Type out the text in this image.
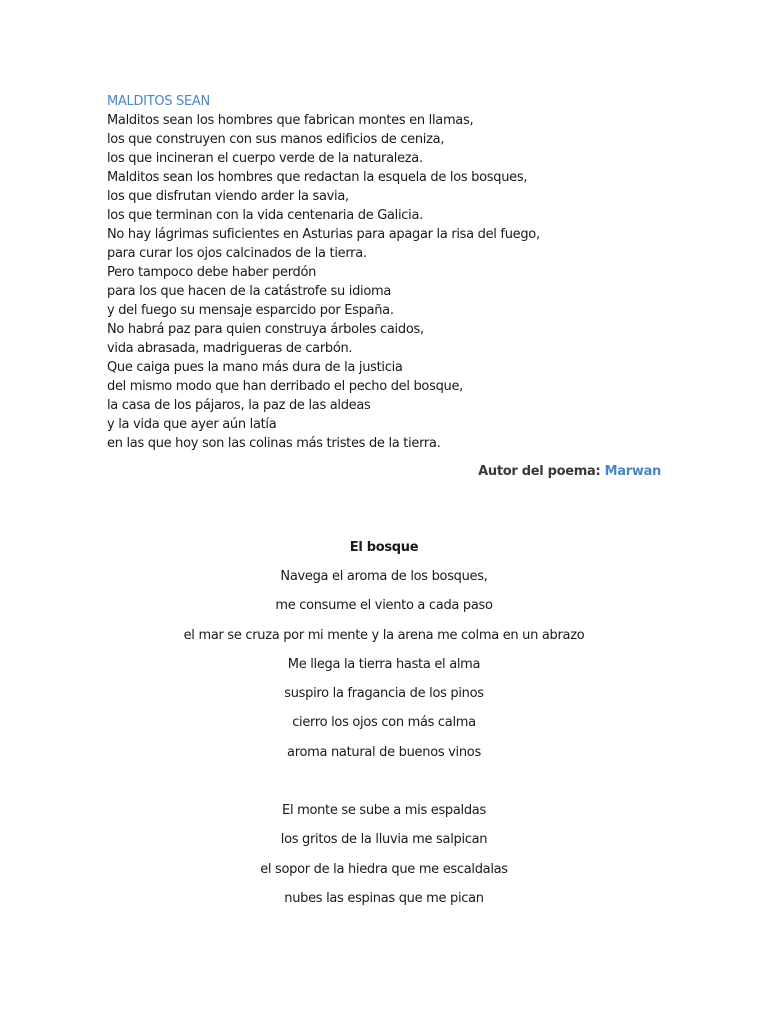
MALDITOS SEAN
Malditos sean los hombres que fabrican montes en llamas,
los que construyen con sus manos edificios de ceniza,
los que incineran el cuerpo verde de la naturaleza.
Malditos sean los hombres que redactan la esquela de los bosques,
los que disfrutan viendo arder la savia,
los que terminan con la vida centenaria de Galicia.
No hay lágrimas suficientes en Asturias para apagar la risa del fuego,
para curar los ojos calcinados de la tierra.
Pero tampoco debe haber perdón
para los que hacen de la catástrofe su idioma
y del fuego su mensaje esparcido por España.
No habrá paz para quien construya árboles caidos,
vida abrasada, madrigueras de carbón.
Que caiga pues la mano más dura de la justicia
del mismo modo que han derribado el pecho del bosque,
la casa de los pájaros, la paz de las aldeas
y la vida que ayer aún latía
en las que hoy son las colinas más tristes de la tierra.
Autor del poema: Marwan
El bosque
Navega el aroma de los bosques,
me consume el viento a cada paso
el mar se cruza por mi mente y la arena me colma en un abrazo
Me llega la tierra hasta el alma
suspiro la fragancia de los pinos
cierro los ojos con más calma
aroma natural de buenos vinos
El monte se sube a mis espaldas
los gritos de la lluvia me salpican
el sopor de la hiedra que me escaldalas
nubes las espinas que me pican
